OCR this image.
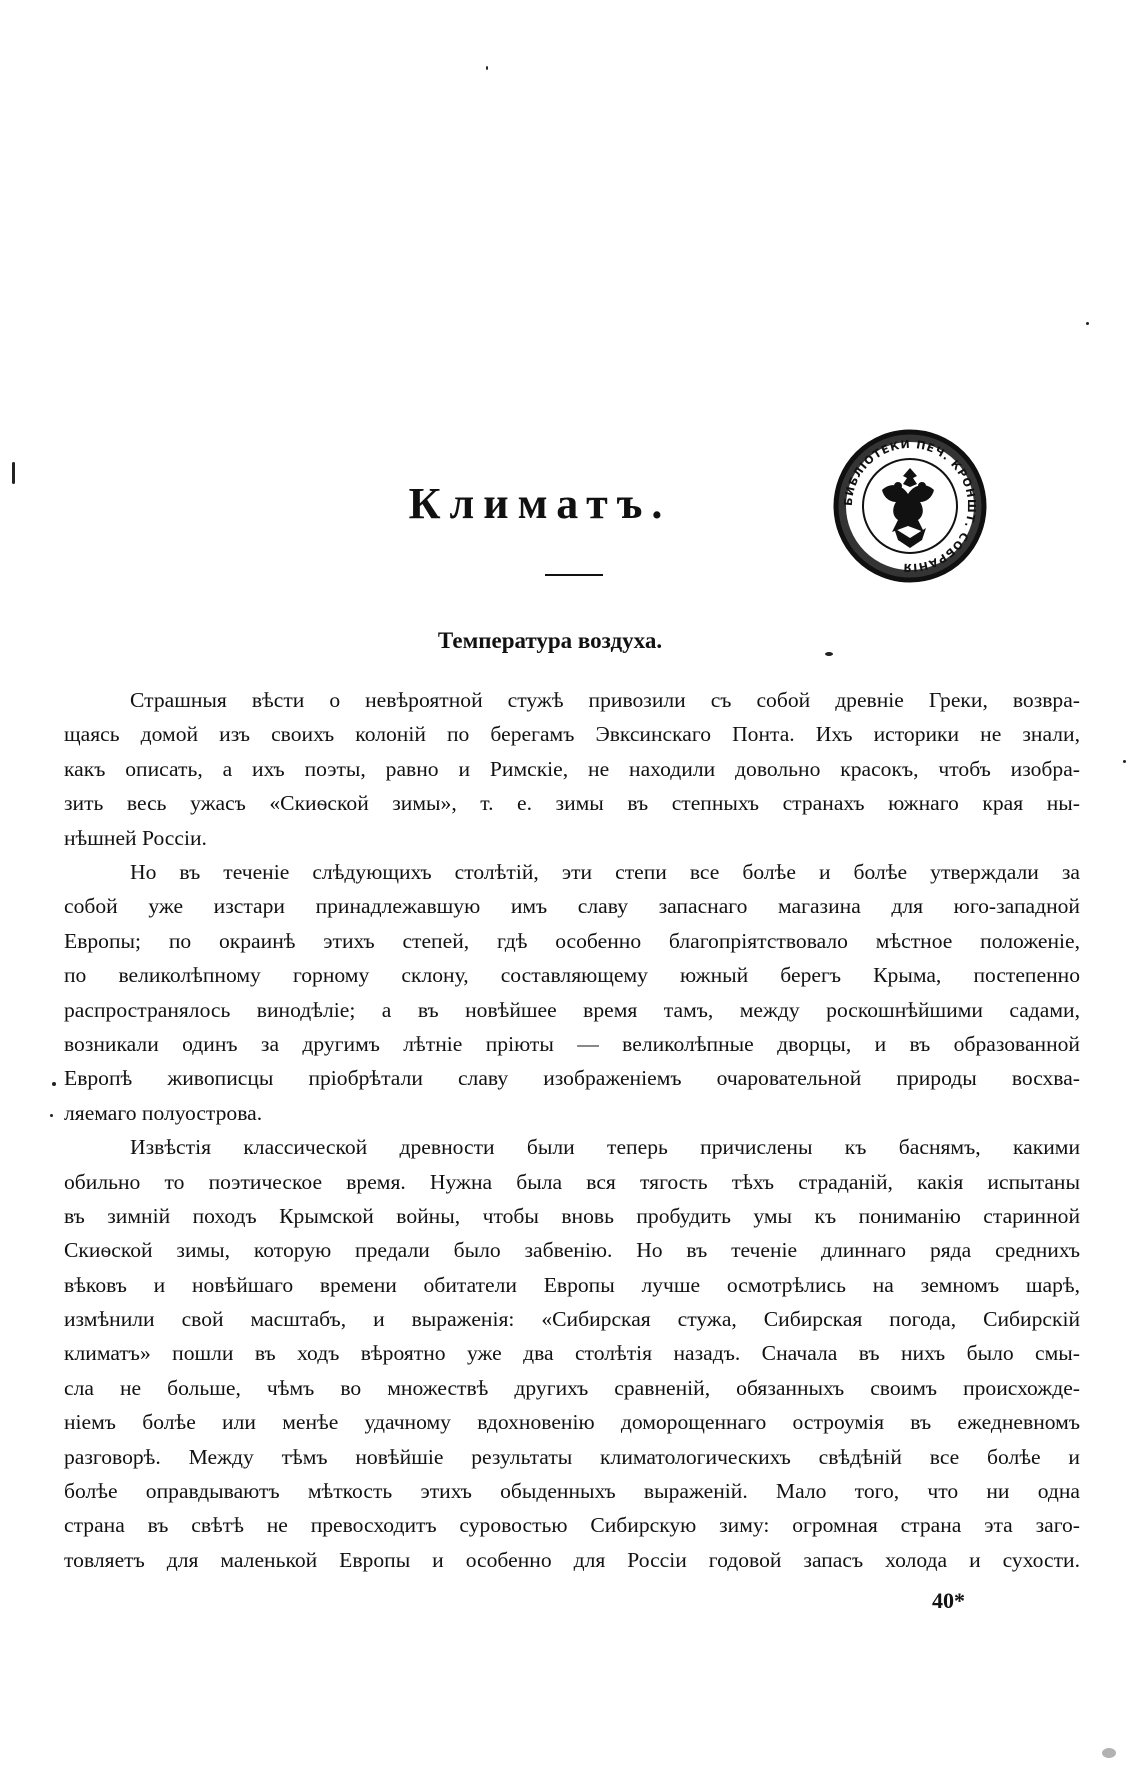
Климатъ.	БИБЛІОТЕКИ ПЕЧ. КРОНШТ. СОБРАНІЯ
Температура воздуха.

Страшныя вѣсти о невѣроятной стужѣ привозили съ собой древніе Греки, возвра-
щаясь домой изъ своихъ колоній по берегамъ Эвксинскаго Понта. Ихъ историки не знали,
какъ описать, а ихъ поэты, равно и Римскіе, не находили довольно красокъ, чтобъ изобра-
зить весь ужасъ «Скиѳской зимы», т. е. зимы въ степныхъ странахъ южнаго края ны-
нѣшней Россіи.

Но въ теченіе слѣдующихъ столѣтій, эти степи все болѣе и болѣе утверждали за
собой уже изстари принадлежавшую имъ славу запаснаго магазина для юго-западной
Европы; по окраинѣ этихъ степей, гдѣ особенно благопріятствовало мѣстное положеніе,
по великолѣпному горному склону, составляющему южный берегъ Крыма, постепенно
распространялось винодѣліе; а въ новѣйшее время тамъ, между роскошнѣйшими садами,
возникали одинъ за другимъ лѣтніе пріюты — великолѣпные дворцы, и въ образованной
Европѣ живописцы пріобрѣтали славу изображеніемъ очаровательной природы восхва-
ляемаго полуострова.

Извѣстія классической древности были теперь причислены къ баснямъ, какими
обильно то поэтическое время. Нужна была вся тягость тѣхъ страданій, какія испытаны
въ зимній походъ Крымской войны, чтобы вновь пробудить умы къ пониманію старинной
Скиѳской зимы, которую предали было забвенію. Но въ теченіе длиннаго ряда среднихъ
вѣковъ и новѣйшаго времени обитатели Европы лучше осмотрѣлись на земномъ шарѣ,
измѣнили свой масштабъ, и выраженія: «Сибирская стужа, Сибирская погода, Сибирскій
климатъ» пошли въ ходъ вѣроятно уже два столѣтія назадъ. Сначала въ нихъ было смы-
сла не больше, чѣмъ во множествѣ другихъ сравненій, обязанныхъ своимъ происхожде-
ніемъ болѣе или менѣе удачному вдохновенію доморощеннаго остроумія въ ежедневномъ
разговорѣ. Между тѣмъ новѣйшіе результаты климатологическихъ свѣдѣній все болѣе и
болѣе оправдываютъ мѣткость этихъ обыденныхъ выраженій. Мало того, что ни одна
страна въ свѣтѣ не превосходитъ суровостью Сибирскую зиму: огромная страна эта заго-
товляетъ для маленькой Европы и особенно для Россіи годовой запасъ холода и сухости.

40*
